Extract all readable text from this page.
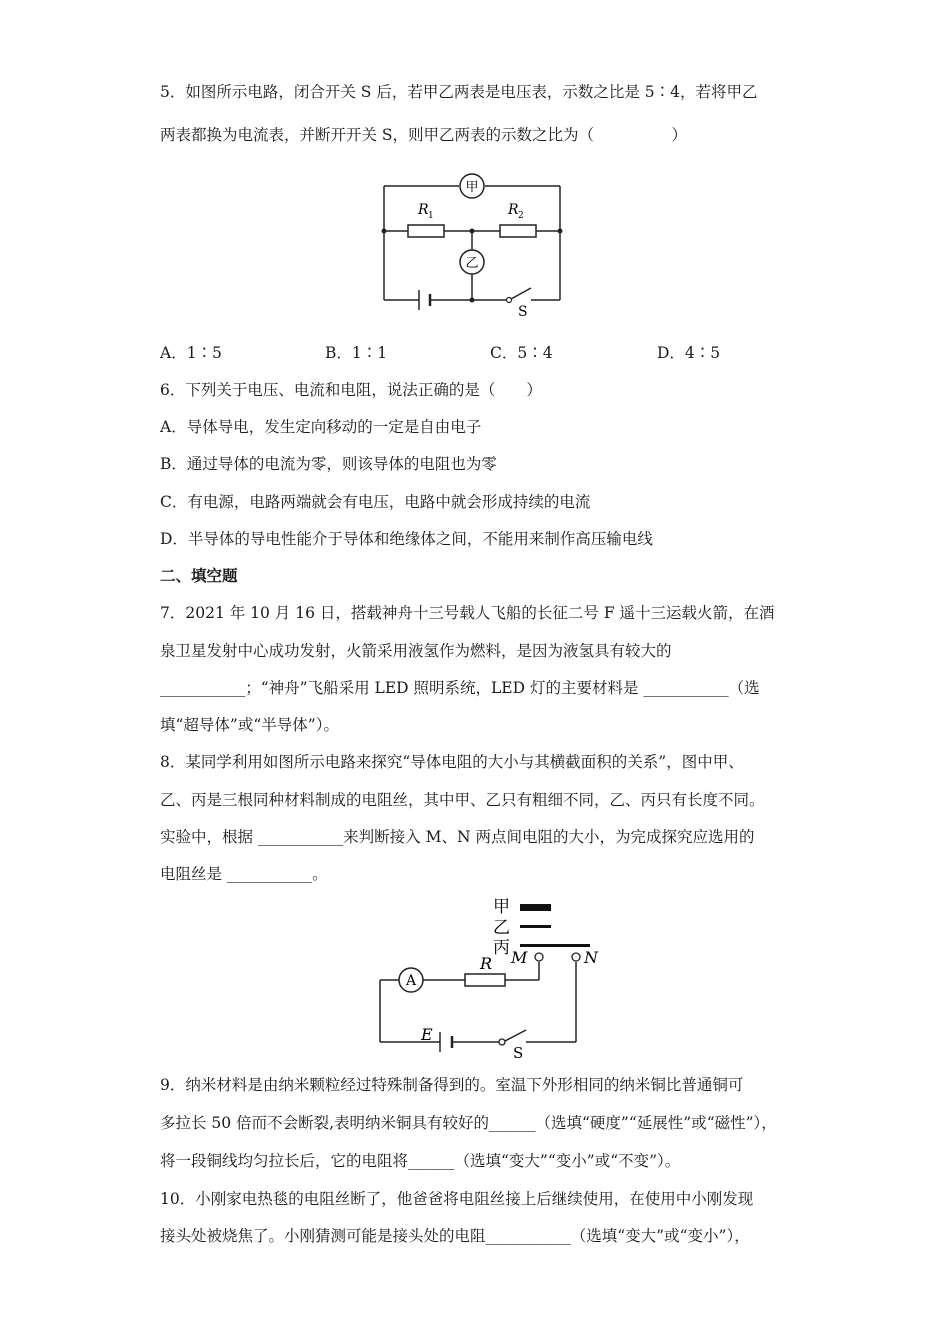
5．如图所示电路，闭合开关 S 后，若甲乙两表是电压表，示数之比是 5∶4，若将甲乙
两表都换为电流表，并断开开关 S，则甲乙两表的示数之比为（　　　　　）
甲
R 1	R 2
乙
S
A．1∶5	B．1∶1	C．5∶4	D．4∶5
6．下列关于电压、电流和电阻，说法正确的是（　　）
A．导体导电，发生定向移动的一定是自由电子
B．通过导体的电流为零，则该导体的电阻也为零
C．有电源，电路两端就会有电压，电路中就会形成持续的电流
D．半导体的导电性能介于导体和绝缘体之间，不能用来制作高压输电线
二、填空题
7．2021 年 10 月 16 日，搭载神舟十三号载人飞船的长征二号 F 遥十三运载火箭，在酒
泉卫星发射中心成功发射，火箭采用液氢作为燃料，是因为液氢具有较大的
___________；“神舟”飞船采用 LED 照明系统，LED 灯的主要材料是 ___________（选
填“超导体”或“半导体”）。
8．某同学利用如图所示电路来探究“导体电阻的大小与其横截面积的关系”，图中甲、
乙、丙是三根同种材料制成的电阻丝，其中甲、乙只有粗细不同，乙、丙只有长度不同。
实验中，根据 ___________来判断接入 M、N 两点间电阻的大小，为完成探究应选用的
电阻丝是 ___________。
甲
乙
丙
A
R M	N
E
S
9．纳米材料是由纳米颗粒经过特殊制备得到的。室温下外形相同的纳米铜比普通铜可
多拉长 50 倍而不会断裂,表明纳米铜具有较好的______（选填“硬度”“延展性”或“磁性”），
将一段铜线均匀拉长后，它的电阻将______（选填“变大”“变小”或“不变”）。
10．小刚家电热毯的电阻丝断了，他爸爸将电阻丝接上后继续使用，在使用中小刚发现
接头处被烧焦了。小刚猜测可能是接头处的电阻___________（选填“变大”或“变小”），
